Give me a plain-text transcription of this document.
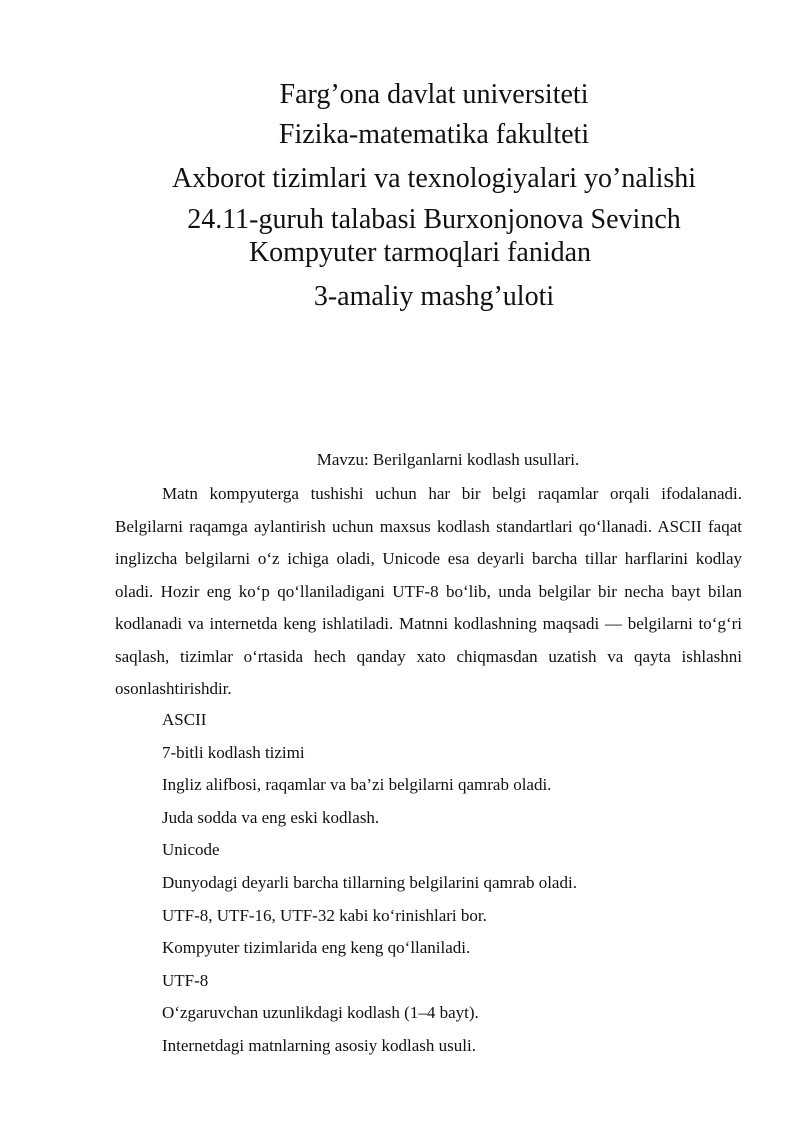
Farg’ona davlat universiteti
Fizika-matematika fakulteti
Axborot tizimlari va texnologiyalari yo’nalishi
24.11-guruh talabasi Burxonjonova Sevinch
Kompyuter tarmoqlari fanidan
3-amaliy mashg’uloti
Mavzu: Berilganlarni kodlash usullari.

Matn kompyuterga tushishi uchun har bir belgi raqamlar orqali ifodalanadi. Belgilarni raqamga aylantirish uchun maxsus kodlash standartlari qo‘llanadi. ASCII faqat inglizcha belgilarni o‘z ichiga oladi, Unicode esa deyarli barcha tillar harflarini kodlay oladi. Hozir eng ko‘p qo‘llaniladigani UTF-8 bo‘lib, unda belgilar bir necha bayt bilan kodlanadi va internetda keng ishlatiladi. Matnni kodlashning maqsadi — belgilarni to‘g‘ri saqlash, tizimlar o‘rtasida hech qanday xato chiqmasdan uzatish va qayta ishlashni osonlashtirishdir.

ASCII
7-bitli kodlash tizimi
Ingliz alifbosi, raqamlar va ba’zi belgilarni qamrab oladi.
Juda sodda va eng eski kodlash.
Unicode
Dunyodagi deyarli barcha tillarning belgilarini qamrab oladi.
UTF-8, UTF-16, UTF-32 kabi ko‘rinishlari bor.
Kompyuter tizimlarida eng keng qo‘llaniladi.
UTF-8
O‘zgaruvchan uzunlikdagi kodlash (1–4 bayt).
Internetdagi matnlarning asosiy kodlash usuli.
